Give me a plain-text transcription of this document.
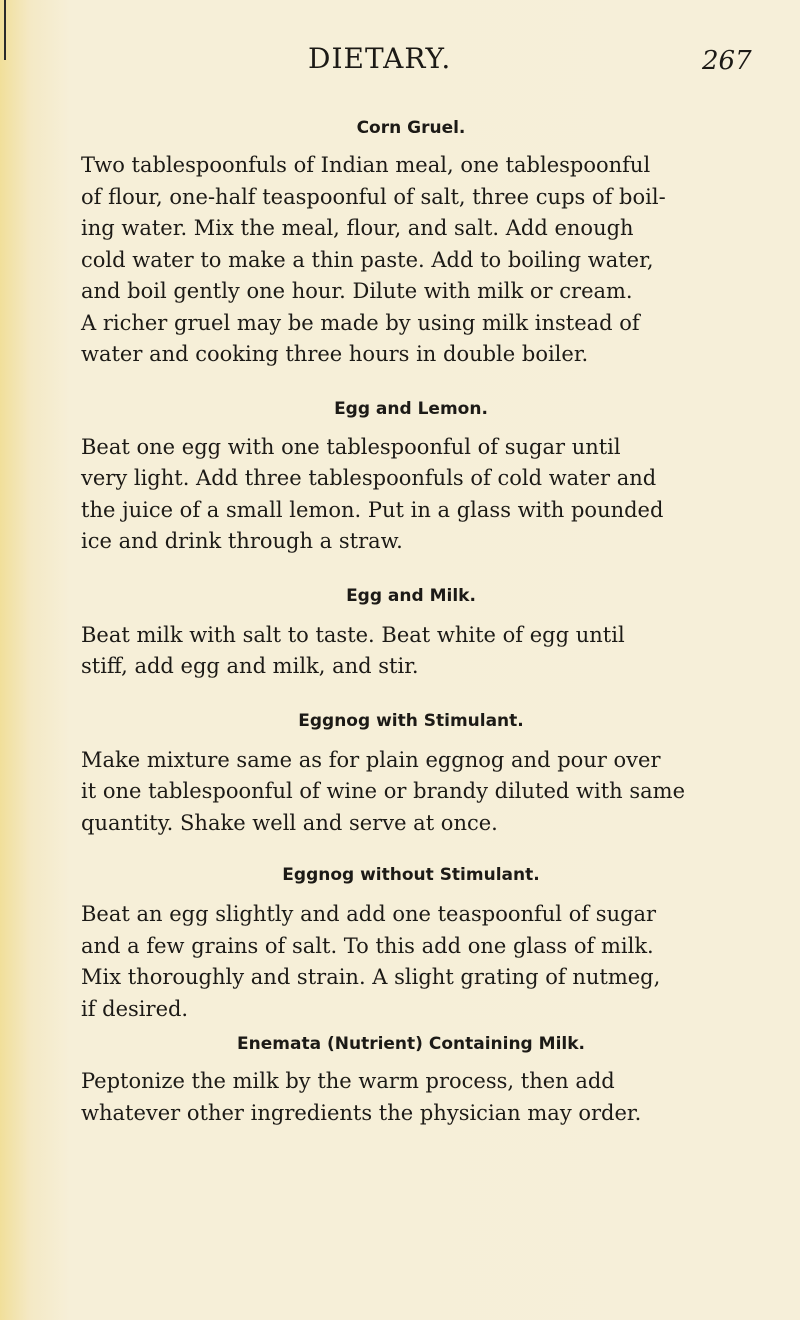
DIETARY.	267
Corn Gruel.
Two tablespoonfuls of Indian meal, one tablespoonful
of flour, one-half teaspoonful of salt, three cups of boil-
ing water. Mix the meal, flour, and salt. Add enough
cold water to make a thin paste. Add to boiling water,
and boil gently one hour. Dilute with milk or cream.
A richer gruel may be made by using milk instead of
water and cooking three hours in double boiler.
Egg and Lemon.
Beat one egg with one tablespoonful of sugar until
very light. Add three tablespoonfuls of cold water and
the juice of a small lemon. Put in a glass with pounded
ice and drink through a straw.
Egg and Milk.
Beat milk with salt to taste. Beat white of egg until
stiff, add egg and milk, and stir.
Eggnog with Stimulant.
Make mixture same as for plain eggnog and pour over
it one tablespoonful of wine or brandy diluted with same
quantity. Shake well and serve at once.
Eggnog without Stimulant.
Beat an egg slightly and add one teaspoonful of sugar
and a few grains of salt. To this add one glass of milk.
Mix thoroughly and strain. A slight grating of nutmeg,
if desired.
Enemata (Nutrient) Containing Milk.
Peptonize the milk by the warm process, then add
whatever other ingredients the physician may order.
